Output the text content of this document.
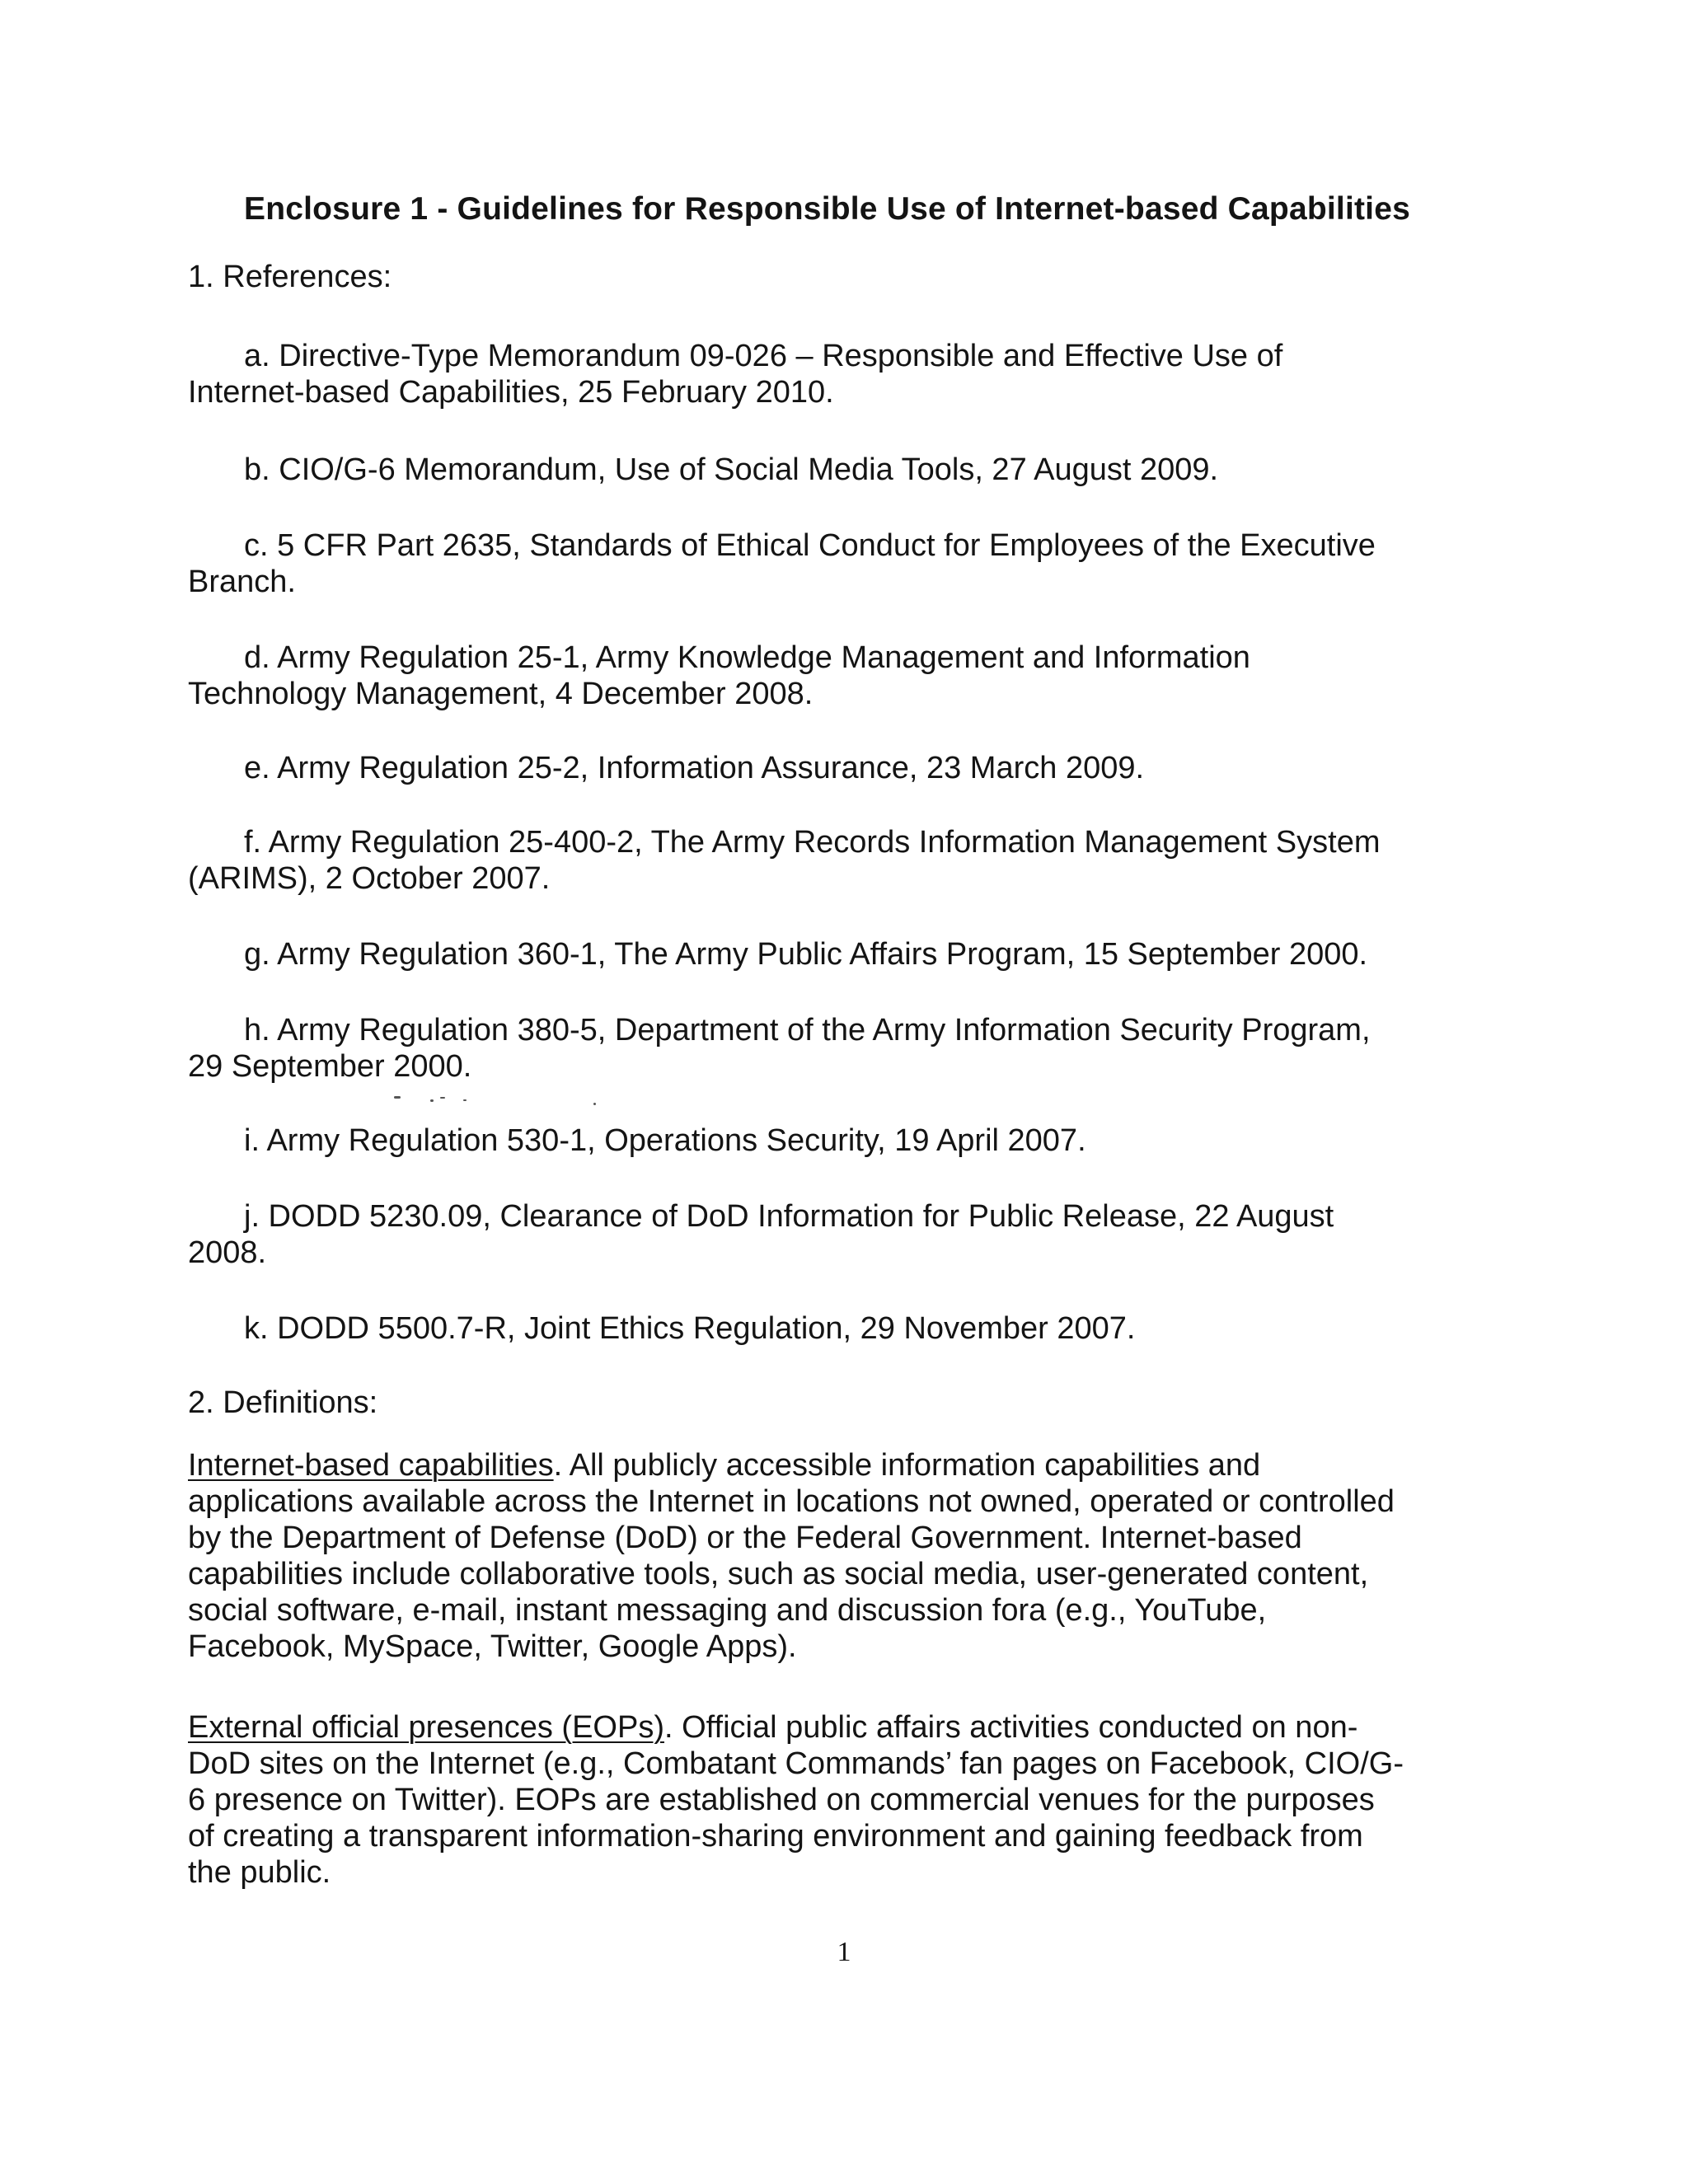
Enclosure 1 - Guidelines for Responsible Use of Internet-based Capabilities
1. References:
a. Directive-Type Memorandum 09-026 – Responsible and Effective Use of
Internet-based Capabilities, 25 February 2010.
b. CIO/G-6 Memorandum, Use of Social Media Tools, 27 August 2009.
c. 5 CFR Part 2635, Standards of Ethical Conduct for Employees of the Executive
Branch.
d. Army Regulation 25-1, Army Knowledge Management and Information
Technology Management, 4 December 2008.
e. Army Regulation 25-2, Information Assurance, 23 March 2009.
f. Army Regulation 25-400-2, The Army Records Information Management System
(ARIMS), 2 October 2007.
g. Army Regulation 360-1, The Army Public Affairs Program, 15 September 2000.
h. Army Regulation 380-5, Department of the Army Information Security Program,
29 September 2000.
i. Army Regulation 530-1, Operations Security, 19 April 2007.
j. DODD 5230.09, Clearance of DoD Information for Public Release, 22 August
2008.
k. DODD 5500.7-R, Joint Ethics Regulation, 29 November 2007.
2. Definitions:
Internet-based capabilities. All publicly accessible information capabilities and
applications available across the Internet in locations not owned, operated or controlled
by the Department of Defense (DoD) or the Federal Government. Internet-based
capabilities include collaborative tools, such as social media, user-generated content,
social software, e-mail, instant messaging and discussion fora (e.g., YouTube,
Facebook, MySpace, Twitter, Google Apps).
External official presences (EOPs). Official public affairs activities conducted on non-
DoD sites on the Internet (e.g., Combatant Commands’ fan pages on Facebook, CIO/G-
6 presence on Twitter). EOPs are established on commercial venues for the purposes
of creating a transparent information-sharing environment and gaining feedback from
the public.
1
